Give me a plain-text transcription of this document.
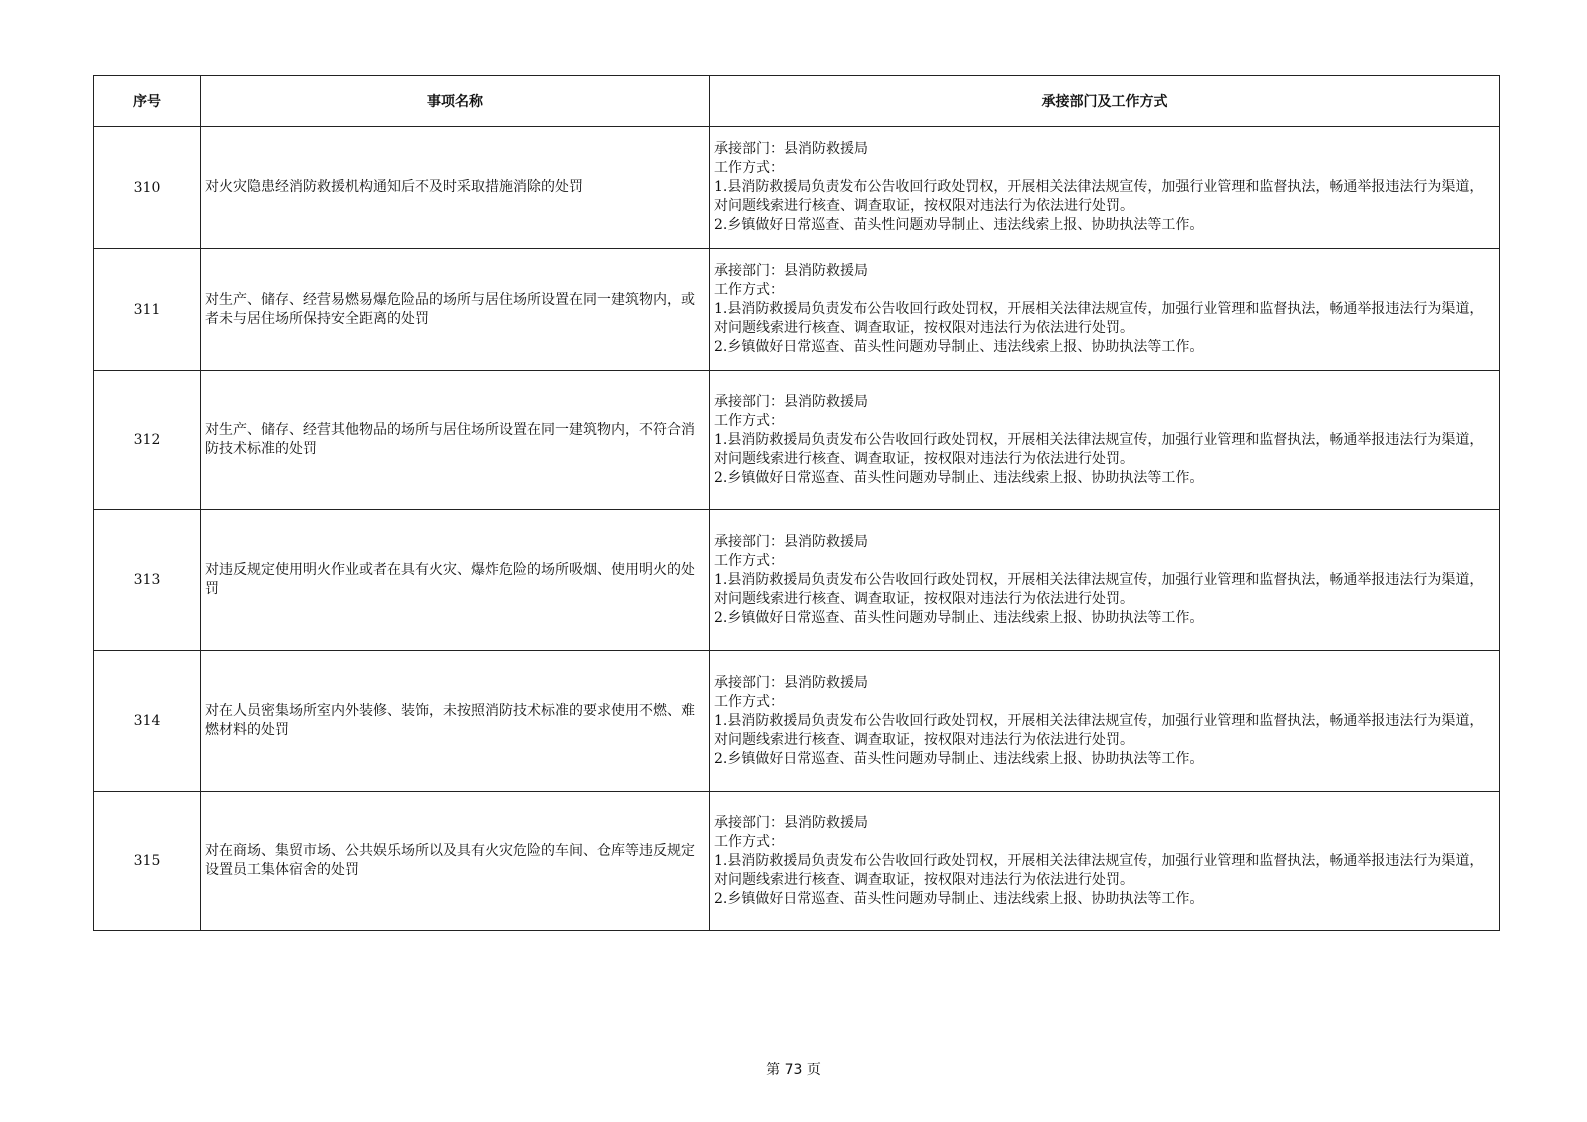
序号	事项名称	承接部门及工作方式
310	对火灾隐患经消防救援机构通知后不及时采取措施消除的处罚	承接部门：县消防救援局
工作方式：
1.县消防救援局负责发布公告收回行政处罚权，开展相关法律法规宣传，加强行业管理和监督执法，畅通举报违法行为渠道，对问题线索进行核查、调查取证，按权限对违法行为依法进行处罚。
2.乡镇做好日常巡查、苗头性问题劝导制止、违法线索上报、协助执法等工作。

311	对生产、储存、经营易燃易爆危险品的场所与居住场所设置在同一建筑物内，或者未与居住场所保持安全距离的处罚	承接部门：县消防救援局
工作方式：
1.县消防救援局负责发布公告收回行政处罚权，开展相关法律法规宣传，加强行业管理和监督执法，畅通举报违法行为渠道，对问题线索进行核查、调查取证，按权限对违法行为依法进行处罚。
2.乡镇做好日常巡查、苗头性问题劝导制止、违法线索上报、协助执法等工作。

312	对生产、储存、经营其他物品的场所与居住场所设置在同一建筑物内，不符合消防技术标准的处罚	承接部门：县消防救援局
工作方式：
1.县消防救援局负责发布公告收回行政处罚权，开展相关法律法规宣传，加强行业管理和监督执法，畅通举报违法行为渠道，对问题线索进行核查、调查取证，按权限对违法行为依法进行处罚。
2.乡镇做好日常巡查、苗头性问题劝导制止、违法线索上报、协助执法等工作。

313	对违反规定使用明火作业或者在具有火灾、爆炸危险的场所吸烟、使用明火的处罚	承接部门：县消防救援局
工作方式：
1.县消防救援局负责发布公告收回行政处罚权，开展相关法律法规宣传，加强行业管理和监督执法，畅通举报违法行为渠道，对问题线索进行核查、调查取证，按权限对违法行为依法进行处罚。
2.乡镇做好日常巡查、苗头性问题劝导制止、违法线索上报、协助执法等工作。

314	对在人员密集场所室内外装修、装饰，未按照消防技术标准的要求使用不燃、难燃材料的处罚	承接部门：县消防救援局
工作方式：
1.县消防救援局负责发布公告收回行政处罚权，开展相关法律法规宣传，加强行业管理和监督执法，畅通举报违法行为渠道，对问题线索进行核查、调查取证，按权限对违法行为依法进行处罚。
2.乡镇做好日常巡查、苗头性问题劝导制止、违法线索上报、协助执法等工作。

315	对在商场、集贸市场、公共娱乐场所以及具有火灾危险的车间、仓库等违反规定设置员工集体宿舍的处罚	承接部门：县消防救援局
工作方式：
1.县消防救援局负责发布公告收回行政处罚权，开展相关法律法规宣传，加强行业管理和监督执法，畅通举报违法行为渠道，对问题线索进行核查、调查取证，按权限对违法行为依法进行处罚。
2.乡镇做好日常巡查、苗头性问题劝导制止、违法线索上报、协助执法等工作。
第 73 页
